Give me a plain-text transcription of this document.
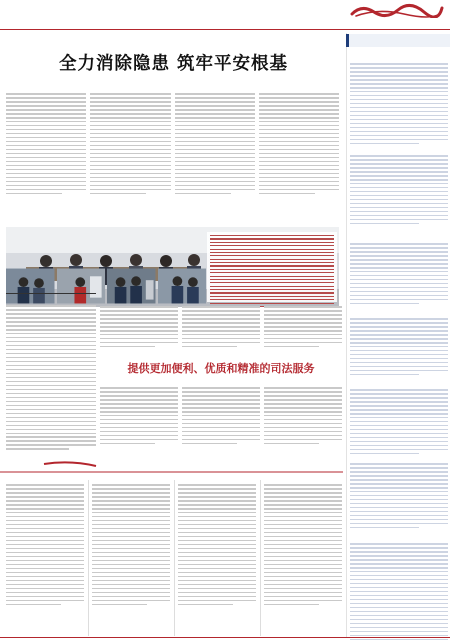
全力消除隐患 筑牢平安根基
提供更加便利、优质和精准的司法服务
